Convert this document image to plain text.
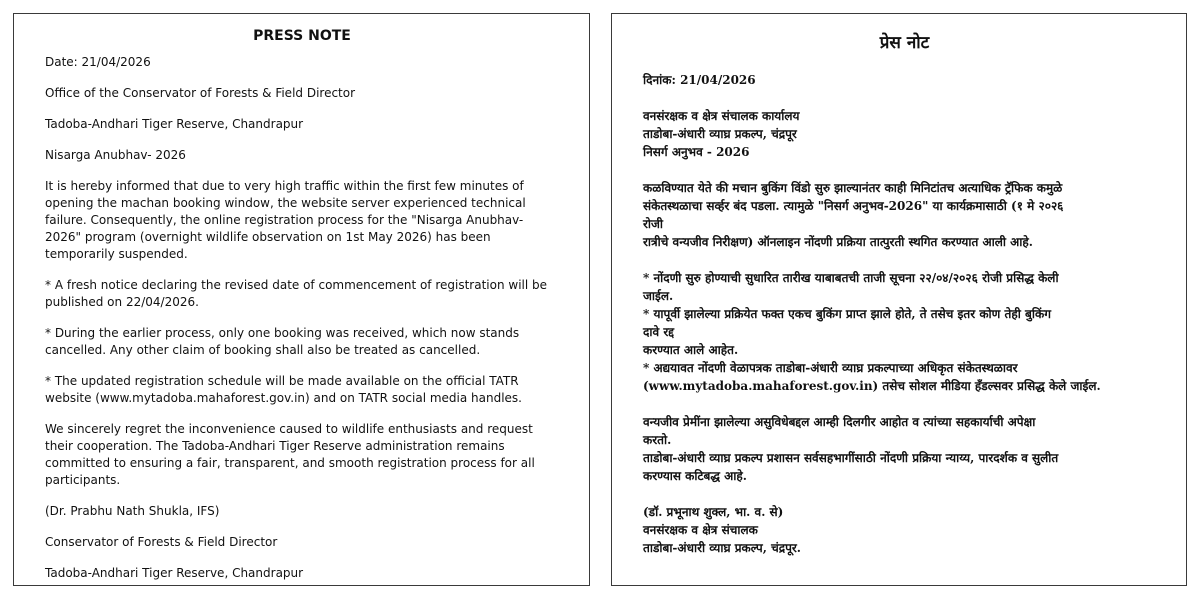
PRESS NOTE

Date: 21/04/2026

Office of the Conservator of Forests & Field Director

Tadoba-Andhari Tiger Reserve, Chandrapur

Nisarga Anubhav- 2026

It is hereby informed that due to very high traffic within the first few minutes of opening the machan booking window, the website server experienced technical failure. Consequently, the online registration process for the "Nisarga Anubhav-2026" program (overnight wildlife observation on 1st May 2026) has been temporarily suspended.

* A fresh notice declaring the revised date of commencement of registration will be published on 22/04/2026.

* During the earlier process, only one booking was received, which now stands cancelled. Any other claim of booking shall also be treated as cancelled.

* The updated registration schedule will be made available on the official TATR website (www.mytadoba.mahaforest.gov.in) and on TATR social media handles.

We sincerely regret the inconvenience caused to wildlife enthusiasts and request their cooperation. The Tadoba-Andhari Tiger Reserve administration remains committed to ensuring a fair, transparent, and smooth registration process for all participants.

(Dr. Prabhu Nath Shukla, IFS)

Conservator of Forests & Field Director

Tadoba-Andhari Tiger Reserve, Chandrapur

प्रेस नोट

दिनांक: 21/04/2026

वनसंरक्षक व क्षेत्र संचालक कार्यालय
ताडोबा-अंधारी व्याघ्र प्रकल्प, चंद्रपूर
निसर्ग अनुभव - 2026

कळविण्यात येते की मचान बुकिंग विंडो सुरु झाल्यानंतर काही मिनिटांतच अत्याधिक ट्रॅफिक कमुळे
संकेतस्थळाचा सर्व्हर बंद पडला. त्यामुळे "निसर्ग अनुभव-2026" या कार्यक्रमासाठी (१ मे २०२६
रोजी
रात्रीचे वन्यजीव निरीक्षण) ऑनलाइन नोंदणी प्रक्रिया तात्पुरती स्थगित करण्यात आली आहे.

* नोंदणी सुरु होण्याची सुधारित तारीख याबाबतची ताजी सूचना २२/०४/२०२६ रोजी प्रसिद्ध केली
जाईल.
* यापूर्वी झालेल्या प्रक्रियेत फक्त एकच बुकिंग प्राप्त झाले होते, ते तसेच इतर कोण तेही बुकिंग
दावे रद्द
करण्यात आले आहेत.
* अद्ययावत नोंदणी वेळापत्रक ताडोबा-अंधारी व्याघ्र प्रकल्पाच्या अधिकृत संकेतस्थळावर
(www.mytadoba.mahaforest.gov.in) तसेच सोशल मीडिया हँडल्सवर प्रसिद्ध केले जाईल.

वन्यजीव प्रेमींना झालेल्या असुविधेबद्दल आम्ही दिलगीर आहोत व त्यांच्या सहकार्याची अपेक्षा
करतो.
ताडोबा-अंधारी व्याघ्र प्रकल्प प्रशासन सर्वसहभागींसाठी नोंदणी प्रक्रिया न्याय्य, पारदर्शक व सुलीत
करण्यास कटिबद्ध आहे.

(डॉ. प्रभूनाथ शुक्ल, भा. व. से)
वनसंरक्षक व क्षेत्र संचालक
ताडोबा-अंधारी व्याघ्र प्रकल्प, चंद्रपूर.
